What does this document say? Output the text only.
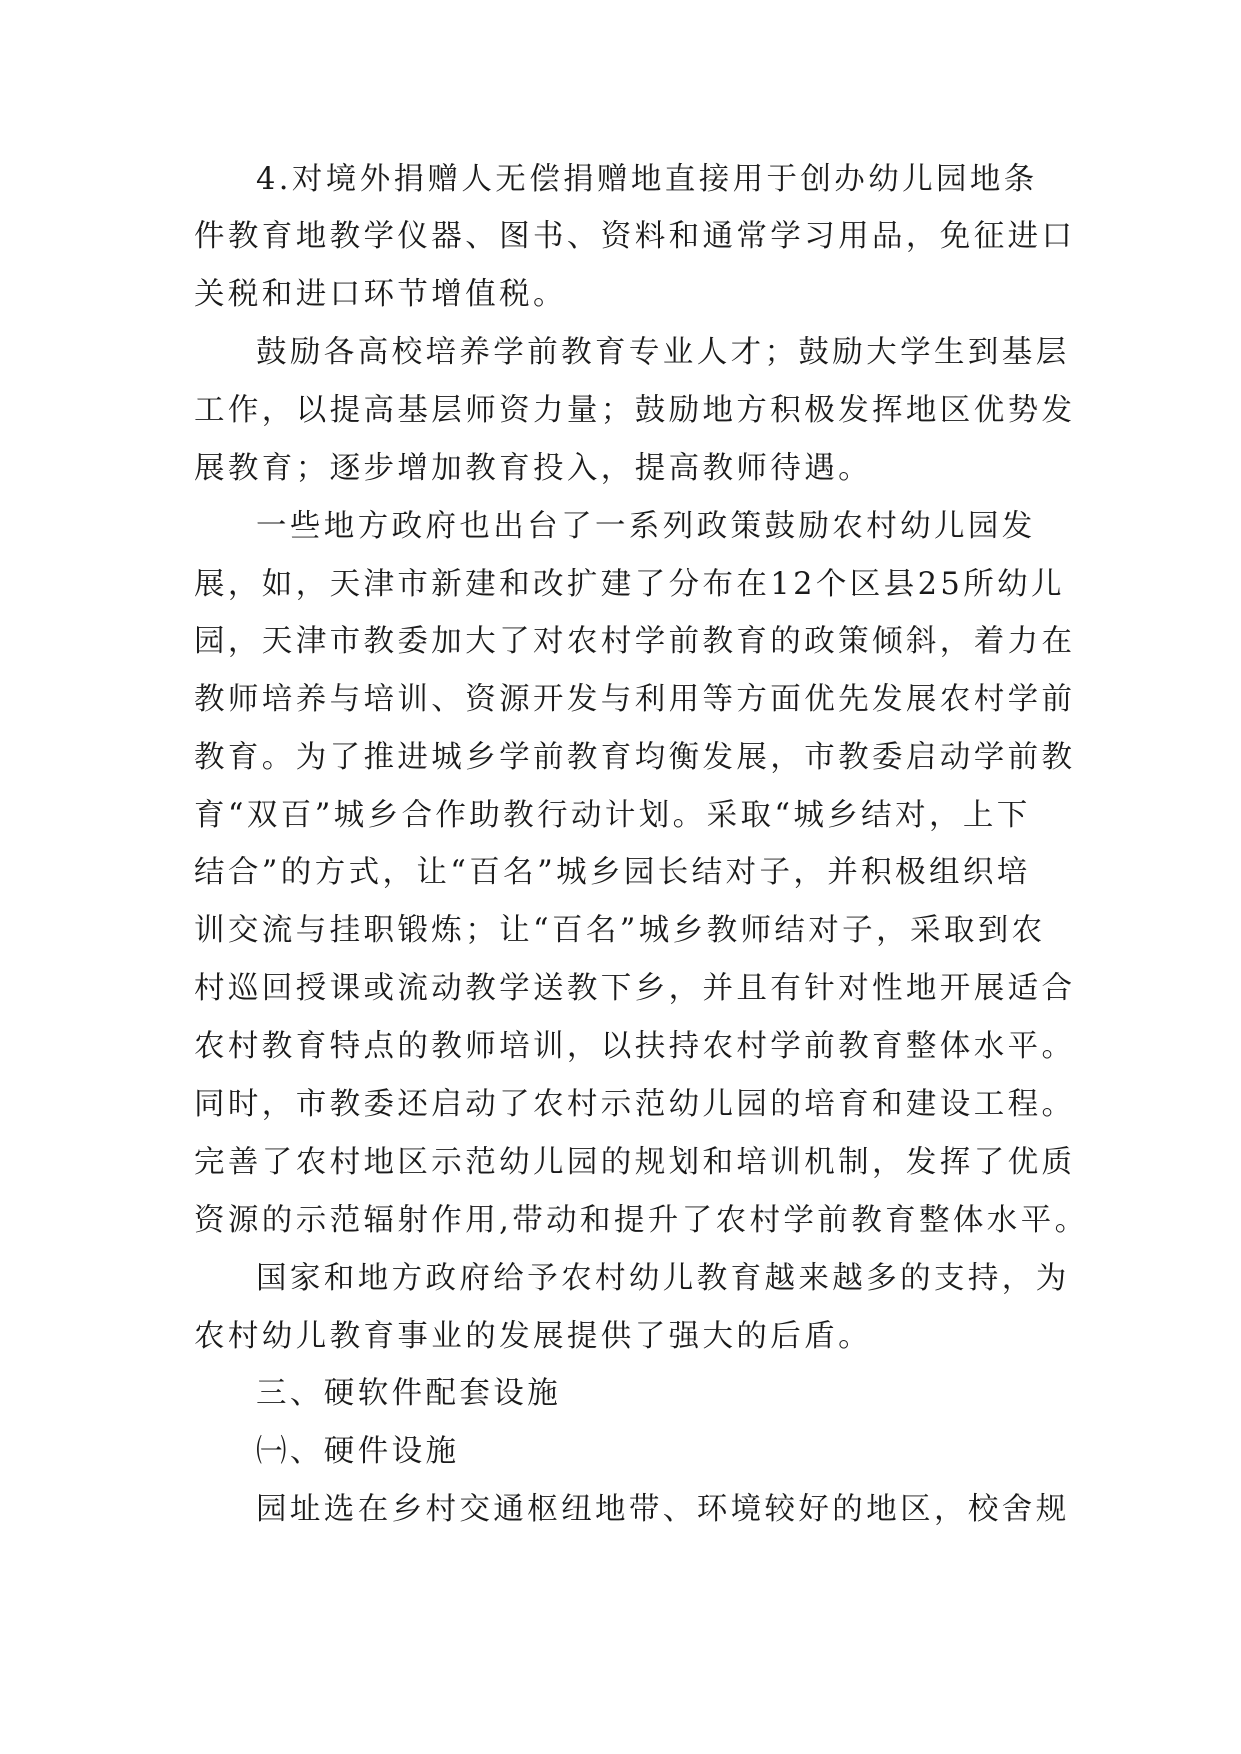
4.对境外捐赠人无偿捐赠地直接用于创办幼儿园地条

件教育地教学仪器、图书、资料和通常学习用品，免征进口

关税和进口环节增值税。

鼓励各高校培养学前教育专业人才；鼓励大学生到基层

工作，以提高基层师资力量；鼓励地方积极发挥地区优势发

展教育；逐步增加教育投入，提高教师待遇。

一些地方政府也出台了一系列政策鼓励农村幼儿园发

展，如，天津市新建和改扩建了分布在12个区县25所幼儿

园，天津市教委加大了对农村学前教育的政策倾斜，着力在

教师培养与培训、资源开发与利用等方面优先发展农村学前

教育。为了推进城乡学前教育均衡发展，市教委启动学前教

育“双百”城乡合作助教行动计划。采取“城乡结对，上下

结合”的方式，让“百名”城乡园长结对子，并积极组织培

训交流与挂职锻炼；让“百名”城乡教师结对子，采取到农

村巡回授课或流动教学送教下乡，并且有针对性地开展适合

农村教育特点的教师培训，以扶持农村学前教育整体水平。

同时，市教委还启动了农村示范幼儿园的培育和建设工程。

完善了农村地区示范幼儿园的规划和培训机制，发挥了优质

资源的示范辐射作用,带动和提升了农村学前教育整体水平。

国家和地方政府给予农村幼儿教育越来越多的支持，为

农村幼儿教育事业的发展提供了强大的后盾。

三、硬软件配套设施

㈠、硬件设施

园址选在乡村交通枢纽地带、环境较好的地区，校舍规
